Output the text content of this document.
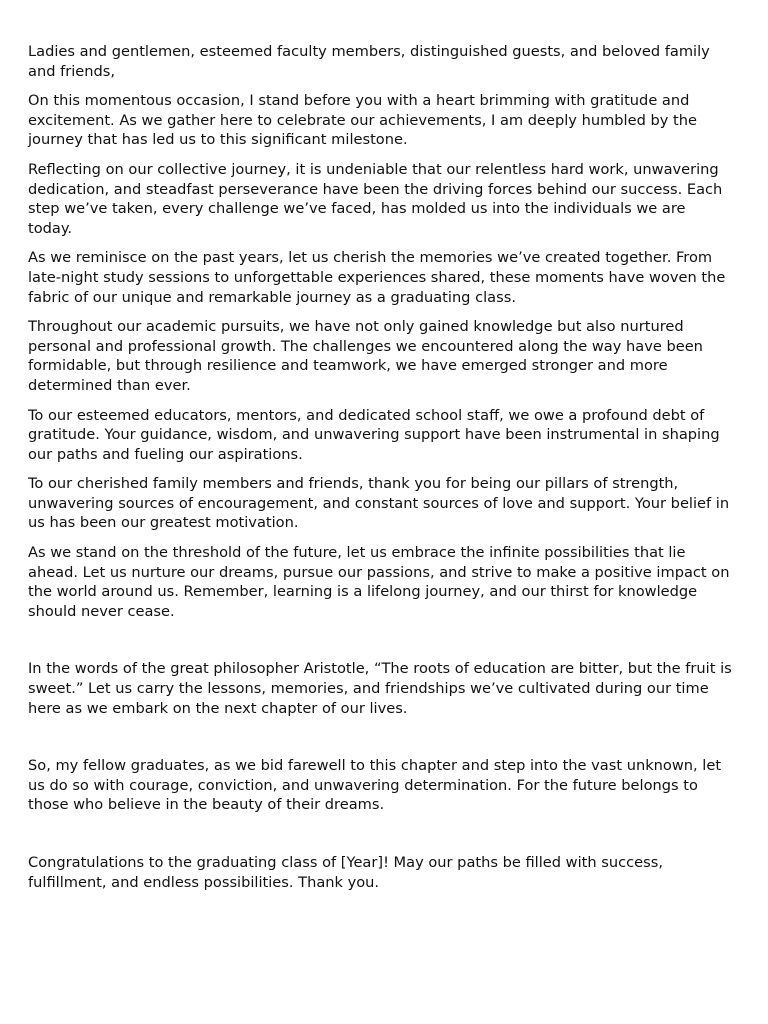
Ladies and gentlemen, esteemed faculty members, distinguished guests, and beloved family and friends,

On this momentous occasion, I stand before you with a heart brimming with gratitude and excitement. As we gather here to celebrate our achievements, I am deeply humbled by the journey that has led us to this significant milestone.

Reflecting on our collective journey, it is undeniable that our relentless hard work, unwavering dedication, and steadfast perseverance have been the driving forces behind our success. Each step we’ve taken, every challenge we’ve faced, has molded us into the individuals we are today.

As we reminisce on the past years, let us cherish the memories we’ve created together. From late-night study sessions to unforgettable experiences shared, these moments have woven the fabric of our unique and remarkable journey as a graduating class.

Throughout our academic pursuits, we have not only gained knowledge but also nurtured personal and professional growth. The challenges we encountered along the way have been formidable, but through resilience and teamwork, we have emerged stronger and more determined than ever.

To our esteemed educators, mentors, and dedicated school staff, we owe a profound debt of gratitude. Your guidance, wisdom, and unwavering support have been instrumental in shaping our paths and fueling our aspirations.

To our cherished family members and friends, thank you for being our pillars of strength, unwavering sources of encouragement, and constant sources of love and support. Your belief in us has been our greatest motivation.

As we stand on the threshold of the future, let us embrace the infinite possibilities that lie ahead. Let us nurture our dreams, pursue our passions, and strive to make a positive impact on the world around us. Remember, learning is a lifelong journey, and our thirst for knowledge should never cease.

In the words of the great philosopher Aristotle, “The roots of education are bitter, but the fruit is sweet.” Let us carry the lessons, memories, and friendships we’ve cultivated during our time here as we embark on the next chapter of our lives.

So, my fellow graduates, as we bid farewell to this chapter and step into the vast unknown, let us do so with courage, conviction, and unwavering determination. For the future belongs to those who believe in the beauty of their dreams.

Congratulations to the graduating class of [Year]! May our paths be filled with success, fulfillment, and endless possibilities. Thank you.
